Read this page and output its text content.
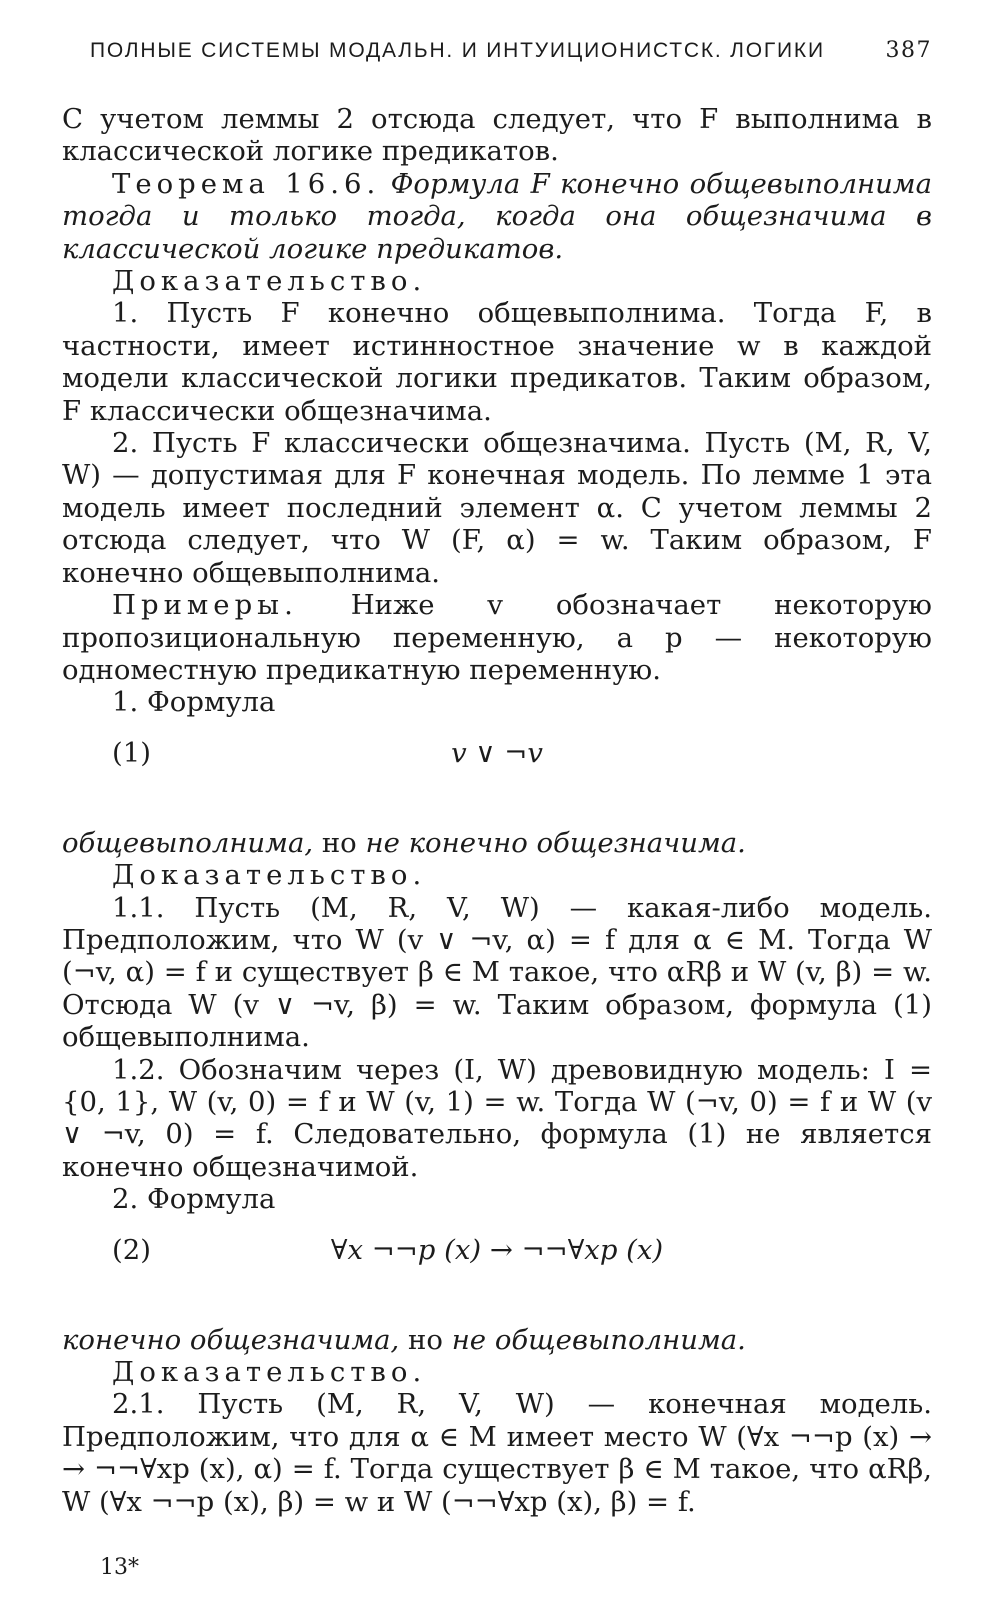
ПОЛНЫЕ СИСТЕМЫ МОДАЛЬН. И ИНТУИЦИОНИСТСК. ЛОГИКИ	387

С учетом леммы 2 отсюда следует, что F выполнима в классической логике предикатов.

Теорема 16.6. Формула F конечно общевыполнима тогда и только тогда, когда она общезначима в классической логике предикатов.

Доказательство.

1. Пусть F конечно общевыполнима. Тогда F, в частности, имеет истинностное значение w в каждой модели классической логики предикатов. Таким образом, F классически общезначима.

2. Пусть F классически общезначима. Пусть (M, R, V, W) — допустимая для F конечная модель. По лемме 1 эта модель имеет последний элемент α. С учетом леммы 2 отсюда следует, что W (F, α) = w. Таким образом, F конечно общевыполнима.

Примеры. Ниже v обозначает некоторую пропозициональную переменную, а p — некоторую одноместную предикатную переменную.

1. Формула

(1)	v ∨ ¬v

общевыполнима, но не конечно общезначима.

Доказательство.

1.1. Пусть (M, R, V, W) — какая-либо модель. Предположим, что W (v ∨ ¬v, α) = f для α ∈ M. Тогда W (¬v, α) = f и существует β ∈ M такое, что αRβ и W (v, β) = w. Отсюда W (v ∨ ¬v, β) = w. Таким образом, формула (1) общевыполнима.

1.2. Обозначим через (I, W) древовидную модель: I = {0, 1}, W (v, 0) = f и W (v, 1) = w. Тогда W (¬v, 0) = f и W (v ∨ ¬v, 0) = f. Следовательно, формула (1) не является конечно общезначимой.

2. Формула

(2)	∀x ¬¬p (x) → ¬¬∀xp (x)

конечно общезначима, но не общевыполнима.

Доказательство.

2.1. Пусть (M, R, V, W) — конечная модель. Предположим, что для α ∈ M имеет место W (∀x ¬¬p (x) → → ¬¬∀xp (x), α) = f. Тогда существует β ∈ M такое, что αRβ, W (∀x ¬¬p (x), β) = w и W (¬¬∀xp (x), β) = f.

13*
